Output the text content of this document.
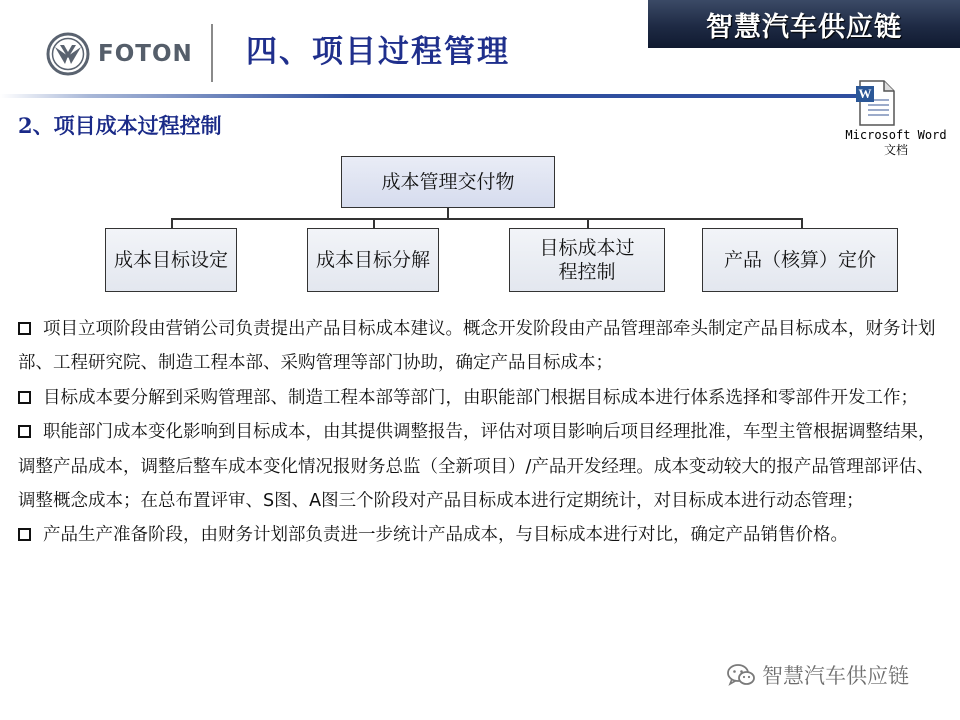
智慧汽车供应链
FOTON 四、项目过程管理
2、项目成本过程控制
W
Microsoft Word
文档
成本管理交付物
成本目标设定	成本目标分解
目标成本过程控制
产品（核算）定价
项目立项阶段由营销公司负责提出产品目标成本建议。概念开发阶段由产品管理部牵头制定产品目标成本，财务计划部、工程研究院、制造工程本部、采购管理等部门协助，确定产品目标成本；
目标成本要分解到采购管理部、制造工程本部等部门，由职能部门根据目标成本进行体系选择和零部件开发工作；
职能部门成本变化影响到目标成本，由其提供调整报告，评估对项目影响后项目经理批准，车型主管根据调整结果，调整产品成本，调整后整车成本变化情况报财务总监（全新项目）/产品开发经理。成本变动较大的报产品管理部评估、调整概念成本；在总布置评审、S图、A图三个阶段对产品目标成本进行定期统计，对目标成本进行动态管理；
产品生产准备阶段，由财务计划部负责进一步统计产品成本，与目标成本进行对比，确定产品销售价格。
智慧汽车供应链
